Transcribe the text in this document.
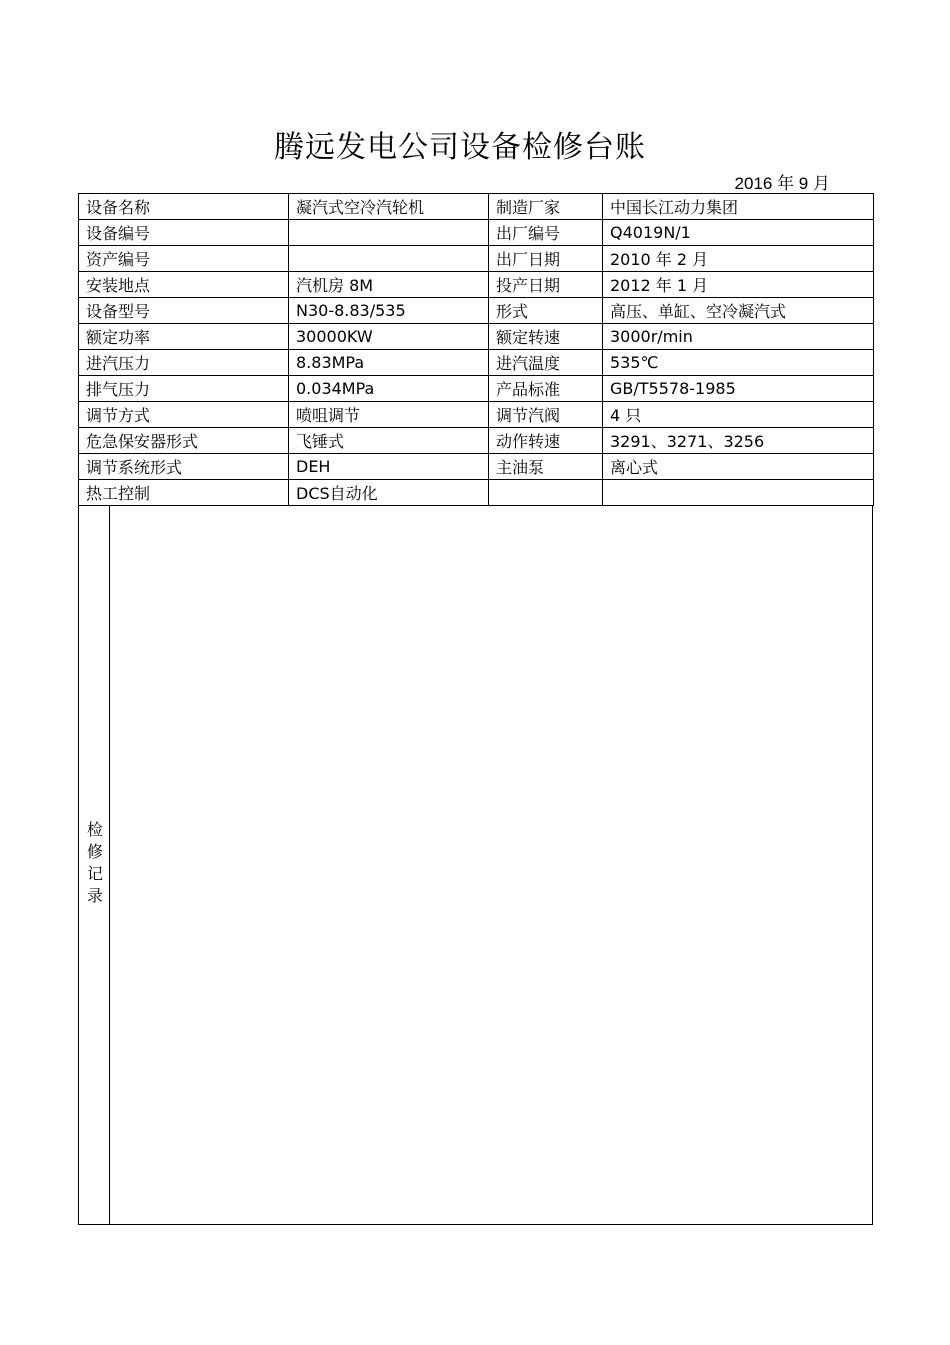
腾远发电公司设备检修台账
2016 年 9 月
设备名称	凝汽式空冷汽轮机	制造厂家	中国长江动力集团
设备编号		出厂编号	Q4019N/1
资产编号		出厂日期	2010 年 2 月
安装地点	汽机房 8M	投产日期	2012 年 1 月
设备型号	N30-8.83/535	形式	高压、单缸、空冷凝汽式
额定功率	30000KW	额定转速	3000r/min
进汽压力	8.83MPa	进汽温度	535℃
排气压力	0.034MPa	产品标准	GB/T5578-1985
调节方式	喷咀调节	调节汽阀	4 只
危急保安器形式	飞锤式	动作转速	3291、3271、3256
调节系统形式	DEH	主油泵	离心式
热工控制	DCS自动化		
检修记录
